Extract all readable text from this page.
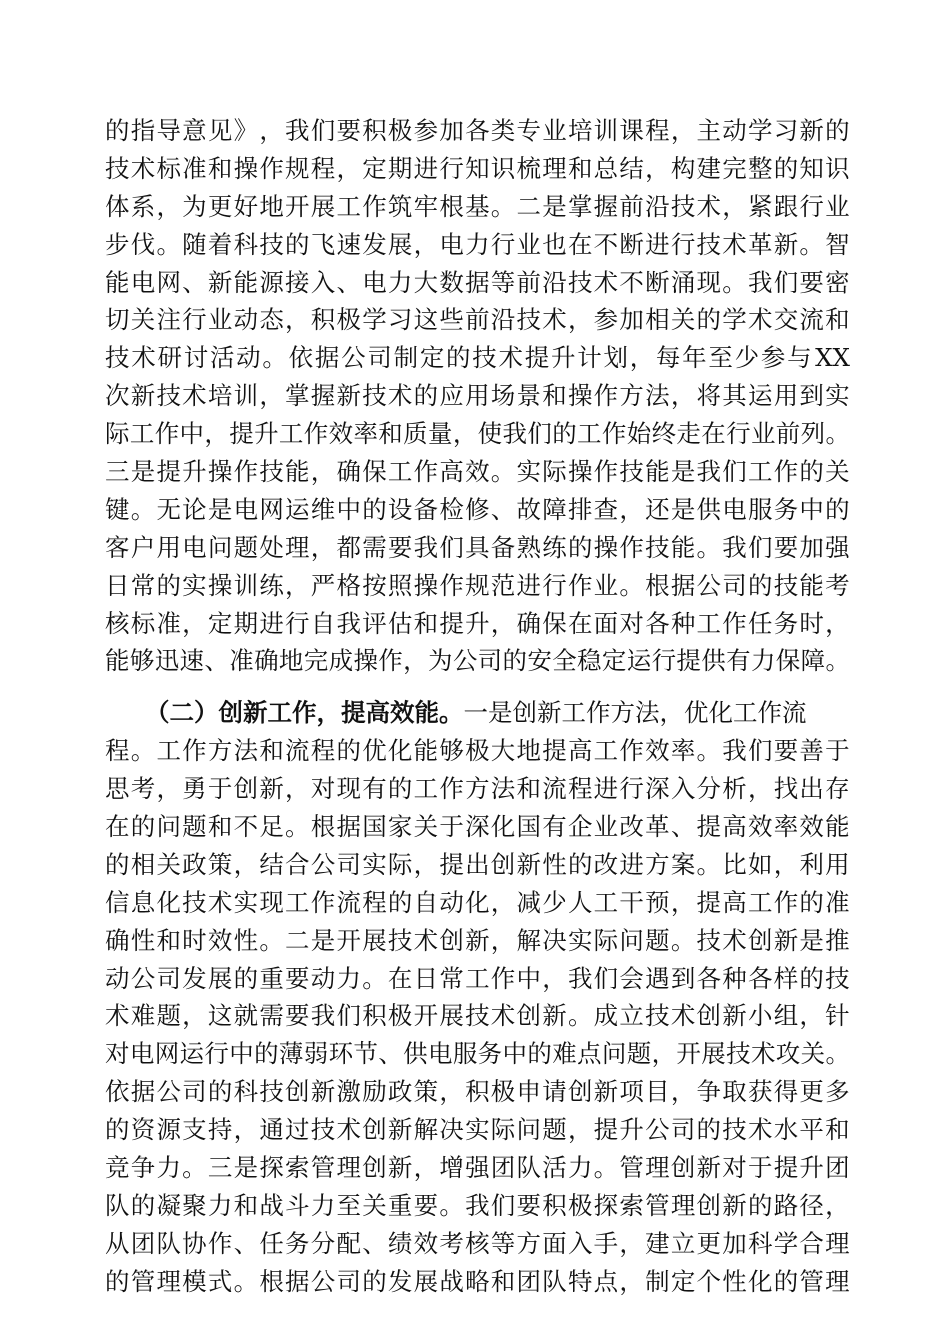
的 指 导 意 见 》 ， 我 们 要 积 极 参 加 各 类 专 业 培 训 课 程 ， 主 动 学 习 新 的
技 术 标 准 和 操 作 规 程 ， 定 期 进 行 知 识 梳 理 和 总 结 ， 构 建 完 整 的 知 识
体 系 ， 为 更 好 地 开 展 工 作 筑 牢 根 基 。 二 是 掌 握 前 沿 技 术 ， 紧 跟 行 业
步 伐 。 随 着 科 技 的 飞 速 发 展 ， 电 力 行 业 也 在 不 断 进 行 技 术 革 新 。 智
能 电 网 、 新 能 源 接 入 、 电 力 大 数 据 等 前 沿 技 术 不 断 涌 现 。 我 们 要 密
切 关 注 行 业 动 态 ， 积 极 学 习 这 些 前 沿 技 术 ， 参 加 相 关 的 学 术 交 流 和
技 术 研 讨 活 动 。 依 据 公 司 制 定 的 技 术 提 升 计 划 ， 每 年 至 少 参 与 XX
次 新 技 术 培 训 ， 掌 握 新 技 术 的 应 用 场 景 和 操 作 方 法 ， 将 其 运 用 到 实
际 工 作 中 ， 提 升 工 作 效 率 和 质 量 ， 使 我 们 的 工 作 始 终 走 在 行 业 前 列 。
三 是 提 升 操 作 技 能 ， 确 保 工 作 高 效 。 实 际 操 作 技 能 是 我 们 工 作 的 关
键 。 无 论 是 电 网 运 维 中 的 设 备 检 修 、 故 障 排 查 ， 还 是 供 电 服 务 中 的
客 户 用 电 问 题 处 理 ， 都 需 要 我 们 具 备 熟 练 的 操 作 技 能 。 我 们 要 加 强
日 常 的 实 操 训 练 ， 严 格 按 照 操 作 规 范 进 行 作 业 。 根 据 公 司 的 技 能 考
核 标 准 ， 定 期 进 行 自 我 评 估 和 提 升 ， 确 保 在 面 对 各 种 工 作 任 务 时 ，
能 够 迅 速 、 准 确 地 完 成 操 作 ， 为 公 司 的 安 全 稳 定 运 行 提 供 有 力 保 障 。
（二）创新工作，提高效能。 一是创新工作方法，优化工作流
程 。 工 作 方 法 和 流 程 的 优 化 能 够 极 大 地 提 高 工 作 效 率 。 我 们 要 善 于
思 考 ， 勇 于 创 新 ， 对 现 有 的 工 作 方 法 和 流 程 进 行 深 入 分 析 ， 找 出 存
在 的 问 题 和 不 足 。 根 据 国 家 关 于 深 化 国 有 企 业 改 革 、 提 高 效 率 效 能
的 相 关 政 策 ， 结 合 公 司 实 际 ， 提 出 创 新 性 的 改 进 方 案 。 比 如 ， 利 用
信 息 化 技 术 实 现 工 作 流 程 的 自 动 化 ， 减 少 人 工 干 预 ， 提 高 工 作 的 准
确 性 和 时 效 性 。 二 是 开 展 技 术 创 新 ， 解 决 实 际 问 题 。 技 术 创 新 是 推
动 公 司 发 展 的 重 要 动 力 。 在 日 常 工 作 中 ， 我 们 会 遇 到 各 种 各 样 的 技
术 难 题 ， 这 就 需 要 我 们 积 极 开 展 技 术 创 新 。 成 立 技 术 创 新 小 组 ， 针
对 电 网 运 行 中 的 薄 弱 环 节 、 供 电 服 务 中 的 难 点 问 题 ， 开 展 技 术 攻 关 。
依 据 公 司 的 科 技 创 新 激 励 政 策 ， 积 极 申 请 创 新 项 目 ， 争 取 获 得 更 多
的 资 源 支 持 ， 通 过 技 术 创 新 解 决 实 际 问 题 ， 提 升 公 司 的 技 术 水 平 和
竞 争 力 。 三 是 探 索 管 理 创 新 ， 增 强 团 队 活 力 。 管 理 创 新 对 于 提 升 团
队 的 凝 聚 力 和 战 斗 力 至 关 重 要 。 我 们 要 积 极 探 索 管 理 创 新 的 路 径 ，
从 团 队 协 作 、 任 务 分 配 、 绩 效 考 核 等 方 面 入 手 ， 建 立 更 加 科 学 合 理
的 管 理 模 式 。 根 据 公 司 的 发 展 战 略 和 团 队 特 点 ， 制 定 个 性 化 的 管 理
